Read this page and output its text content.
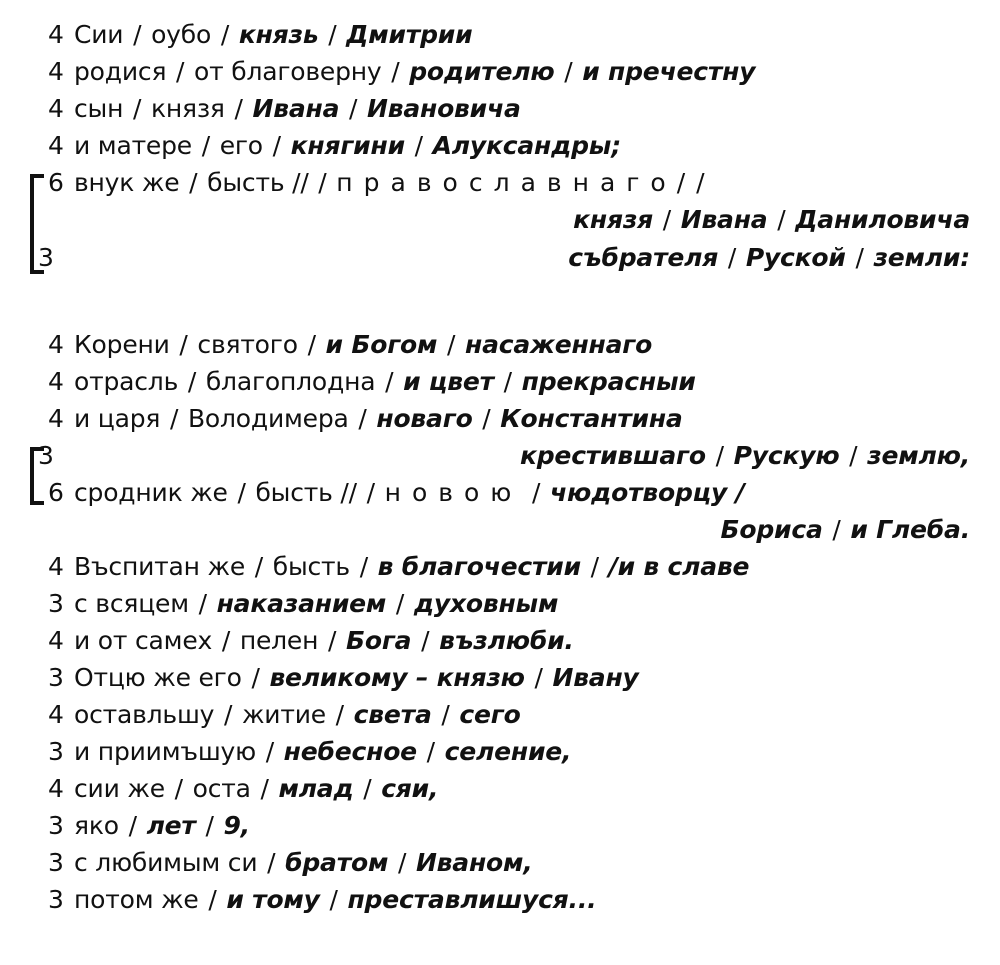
4 Сии / оубо / князь / Дмитрии
4 родися / от благоверну / родителю / и пречестну
4 сын / князя / Ивана / Ивановича
4 и матере / его / княгини / Алуксандры;
6 внук же / бысть // / православнаго//
князя / Ивана / Даниловича
3	събрателя / Руской / земли:
4 Корени / святого / и Богом / насаженнаго
4 отрасль / благоплодна / и цвет / прекрасныи
4 и царя / Володимера / новаго / Константина
3	крестившаго / Рускую / землю,
6 сродник же / бысть // / новою / чюдотворцу /
Бориса / и Глеба.
4 Въспитан же / бысть / в благочестии / /и в славе
3 с всяцем / наказанием / духовным
4 и от самех / пелен / Бога / възлюби.
3 Отцю же его / великому – князю / Ивану
4 оставльшу / житие / света / сего
3 и приимъшую / небесное / селение,
4 сии же / оста / млад / сяи,
3 яко / лет / 9,
3 с любимым си / братом / Иваном,
3 потом же / и тому / преставлишуся...
